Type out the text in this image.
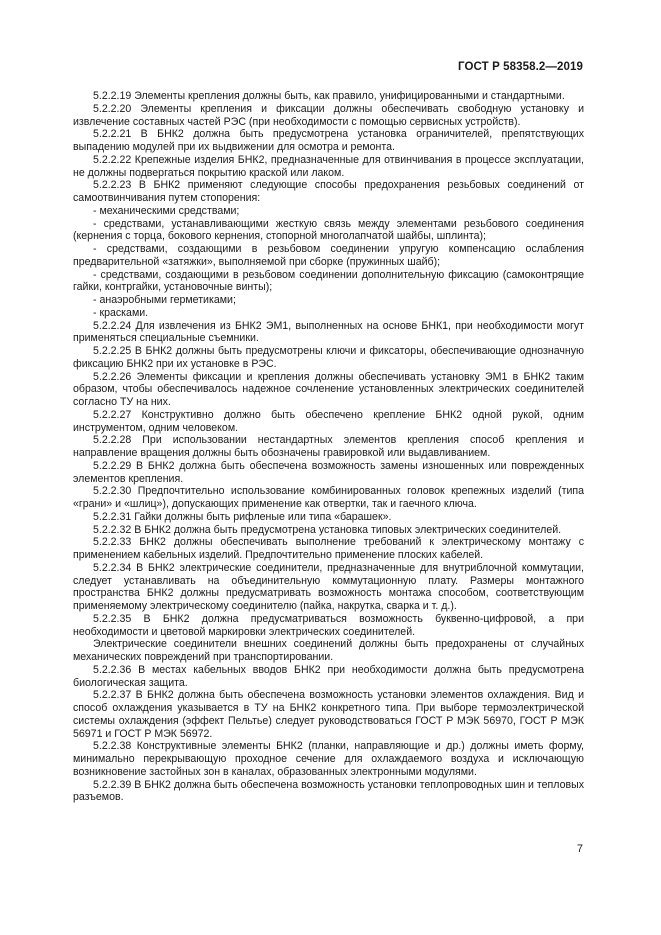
ГОСТ Р 58358.2—2019

5.2.2.19 Элементы крепления должны быть, как правило, унифицированными и стандартными.

5.2.2.20 Элементы крепления и фиксации должны обеспечивать свободную установку и извлечение составных частей РЭС (при необходимости с помощью сервисных устройств).

5.2.2.21 В БНК2 должна быть предусмотрена установка ограничителей, препятствующих выпадению модулей при их выдвижении для осмотра и ремонта.

5.2.2.22 Крепежные изделия БНК2, предназначенные для отвинчивания в процессе эксплуатации, не должны подвергаться покрытию краской или лаком.

5.2.2.23 В БНК2 применяют следующие способы предохранения резьбовых соединений от самоотвинчивания путем стопорения:

- механическими средствами;

- средствами, устанавливающими жесткую связь между элементами резьбового соединения (кернения с торца, бокового кернения, стопорной многолапчатой шайбы, шплинта);

- средствами, создающими в резьбовом соединении упругую компенсацию ослабления предварительной «затяжки», выполняемой при сборке (пружинных шайб);

- средствами, создающими в резьбовом соединении дополнительную фиксацию (самоконтрящие гайки, контргайки, установочные винты);

- анаэробными герметиками;

- красками.

5.2.2.24 Для извлечения из БНК2 ЭМ1, выполненных на основе БНК1, при необходимости могут применяться специальные съемники.

5.2.2.25 В БНК2 должны быть предусмотрены ключи и фиксаторы, обеспечивающие однозначную фиксацию БНК2 при их установке в РЭС.

5.2.2.26 Элементы фиксации и крепления должны обеспечивать установку ЭМ1 в БНК2 таким образом, чтобы обеспечивалось надежное сочленение установленных электрических соединителей согласно ТУ на них.

5.2.2.27 Конструктивно должно быть обеспечено крепление БНК2 одной рукой, одним инструментом, одним человеком.

5.2.2.28 При использовании нестандартных элементов крепления способ крепления и направление вращения должны быть обозначены гравировкой или выдавливанием.

5.2.2.29 В БНК2 должна быть обеспечена возможность замены изношенных или поврежденных элементов крепления.

5.2.2.30 Предпочтительно использование комбинированных головок крепежных изделий (типа «грани» и «шлиц»), допускающих применение как отвертки, так и гаечного ключа.

5.2.2.31 Гайки должны быть рифленые или типа «барашек».

5.2.2.32 В БНК2 должна быть предусмотрена установка типовых электрических соединителей.

5.2.2.33 БНК2 должны обеспечивать выполнение требований к электрическому монтажу с применением кабельных изделий. Предпочтительно применение плоских кабелей.

5.2.2.34 В БНК2 электрические соединители, предназначенные для внутриблочной коммутации, следует устанавливать на объединительную коммутационную плату. Размеры монтажного пространства БНК2 должны предусматривать возможность монтажа способом, соответствующим применяемому электрическому соединителю (пайка, накрутка, сварка и т. д.).

5.2.2.35 В БНК2 должна предусматриваться возможность буквенно-цифровой, а при необходимости и цветовой маркировки электрических соединителей.

Электрические соединители внешних соединений должны быть предохранены от случайных механических повреждений при транспортировании.

5.2.2.36 В местах кабельных вводов БНК2 при необходимости должна быть предусмотрена биологическая защита.

5.2.2.37 В БНК2 должна быть обеспечена возможность установки элементов охлаждения. Вид и способ охлаждения указывается в ТУ на БНК2 конкретного типа. При выборе термоэлектрической системы охлаждения (эффект Пельтье) следует руководствоваться ГОСТ Р МЭК 56970, ГОСТ Р МЭК 56971 и ГОСТ Р МЭК 56972.

5.2.2.38 Конструктивные элементы БНК2 (планки, направляющие и др.) должны иметь форму, минимально перекрывающую проходное сечение для охлаждаемого воздуха и исключающую возникновение застойных зон в каналах, образованных электронными модулями.

5.2.2.39 В БНК2 должна быть обеспечена возможность установки теплопроводных шин и тепловых разъемов.

7
